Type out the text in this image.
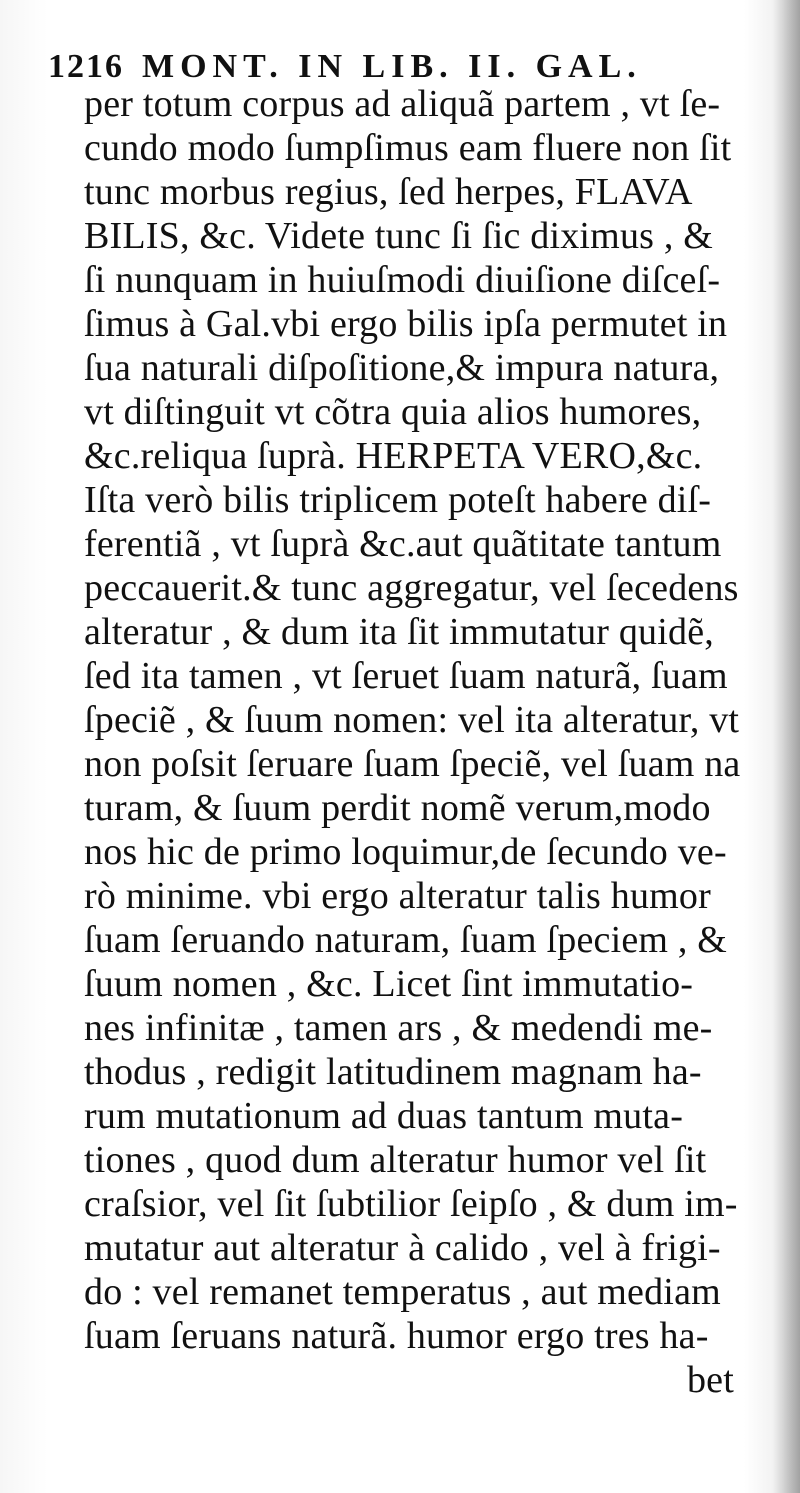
1216 MONT. IN LIB. II. GAL.
per totum corpus ad aliquã partem , vt ſe-
cundo modo ſumpſimus eam fluere non ſit
tunc morbus regius, ſed herpes, FLAVA
BILIS, &c. Videte tunc ſi ſic diximus , &
ſi nunquam in huiuſmodi diuiſione diſceſ-
ſimus à Gal.vbi ergo bilis ipſa permutet in
ſua naturali diſpoſitione,& impura natura,
vt diſtinguit vt cõtra quia alios humores,
&c.reliqua ſuprà. HERPETA VERO,&c.
Iſta verò bilis triplicem poteſt habere diſ-
ferentiã , vt ſuprà &c.aut quãtitate tantum
peccauerit.& tunc aggregatur, vel ſecedens
alteratur , & dum ita ſit immutatur quidẽ,
ſed ita tamen , vt ſeruet ſuam naturã, ſuam
ſpeciẽ , & ſuum nomen: vel ita alteratur, vt
non poſsit ſeruare ſuam ſpeciẽ, vel ſuam na
turam, & ſuum perdit nomẽ verum,modo
nos hic de primo loquimur,de ſecundo ve-
rò minime. vbi ergo alteratur talis humor
ſuam ſeruando naturam, ſuam ſpeciem , &
ſuum nomen , &c. Licet ſint immutatio-
nes infinitæ , tamen ars , & medendi me-
thodus , redigit latitudinem magnam ha-
rum mutationum ad duas tantum muta-
tiones , quod dum alteratur humor vel ſit
craſsior, vel ſit ſubtilior ſeipſo , & dum im-
mutatur aut alteratur à calido , vel à frigi-
do : vel remanet temperatus , aut mediam
ſuam ſeruans naturã. humor ergo tres ha-
bet
